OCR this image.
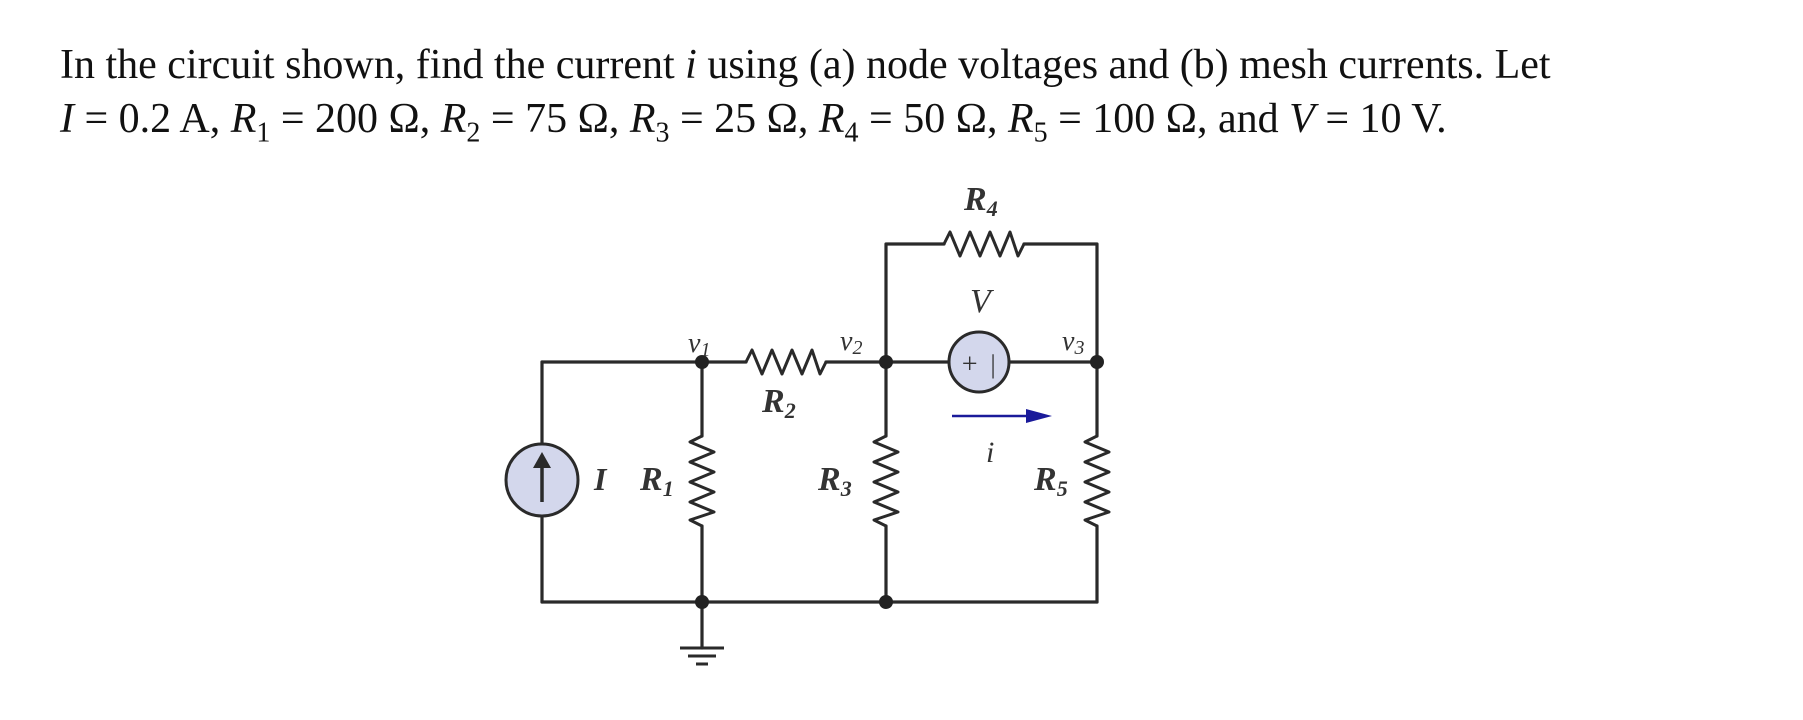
In the circuit shown, find the current i using (a) node voltages and (b) mesh currents. Let

I = 0.2 A, $R_1 = 200$ Ω, $R_2 = 75$ Ω, $R_3 = 25$ Ω, $R_4 = 50$ Ω, $R_5 = 100$ Ω, and V = 10 V.

+ |
R4
V
v1	v2	v3
R2
i
I R1	R3	R5
